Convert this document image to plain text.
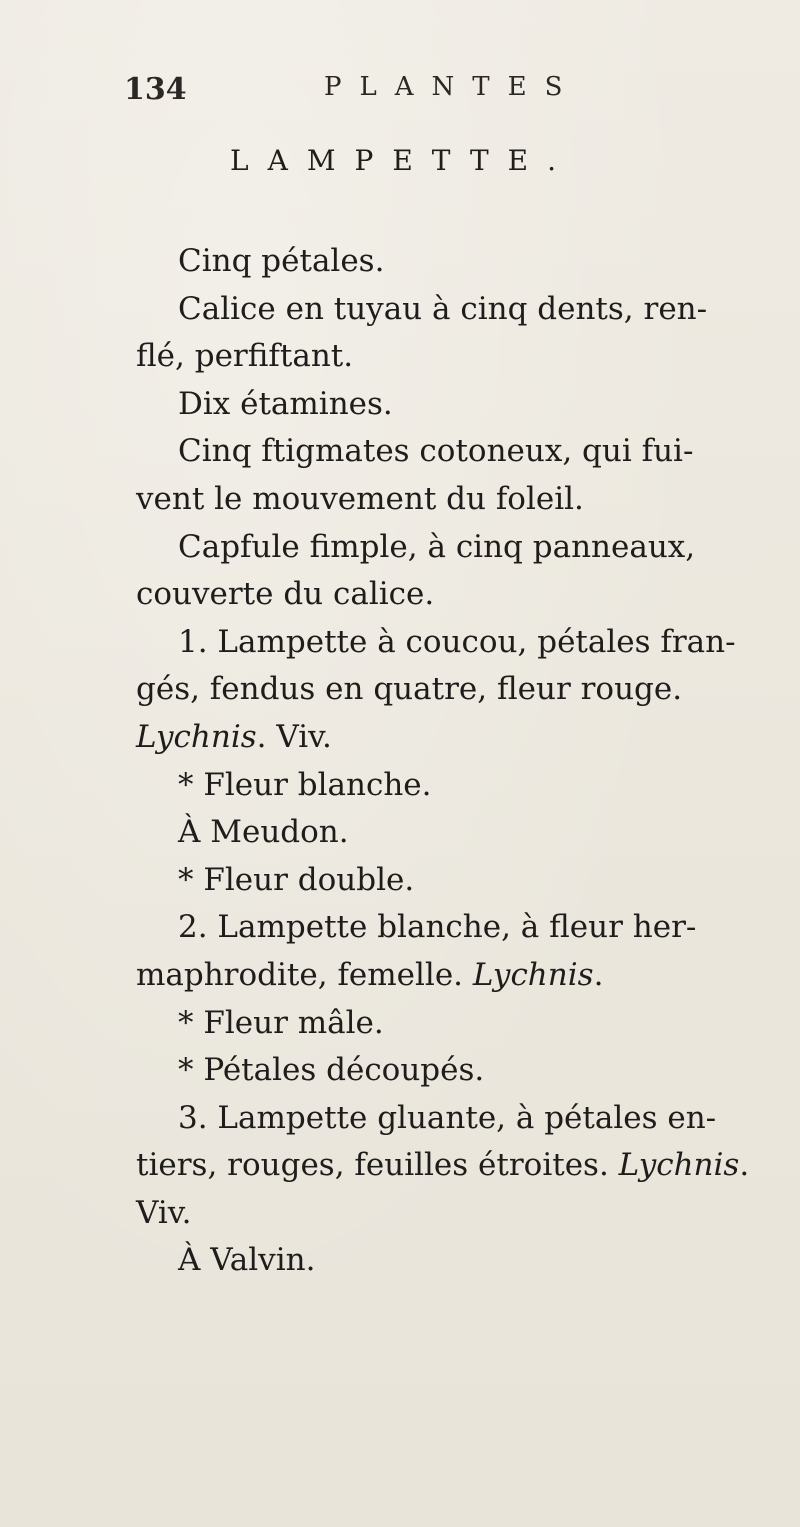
134	PLANTES
LAMPETTE.
Cinq pétales.
Calice en tuyau à cinq dents, ren-
flé, perfiftant.
Dix étamines.
Cinq ftigmates cotoneux, qui fui-
vent le mouvement du foleil.
Capfule fimple, à cinq panneaux,
couverte du calice.
1. Lampette à coucou, pétales fran-
gés, fendus en quatre, fleur rouge.
Lychnis. Viv.
* Fleur blanche.
À Meudon.
* Fleur double.
2. Lampette blanche, à fleur her-
maphrodite, femelle. Lychnis.
* Fleur mâle.
* Pétales découpés.
3. Lampette gluante, à pétales en-
tiers, rouges, feuilles étroites. Lychnis.
Viv.
À Valvin.
